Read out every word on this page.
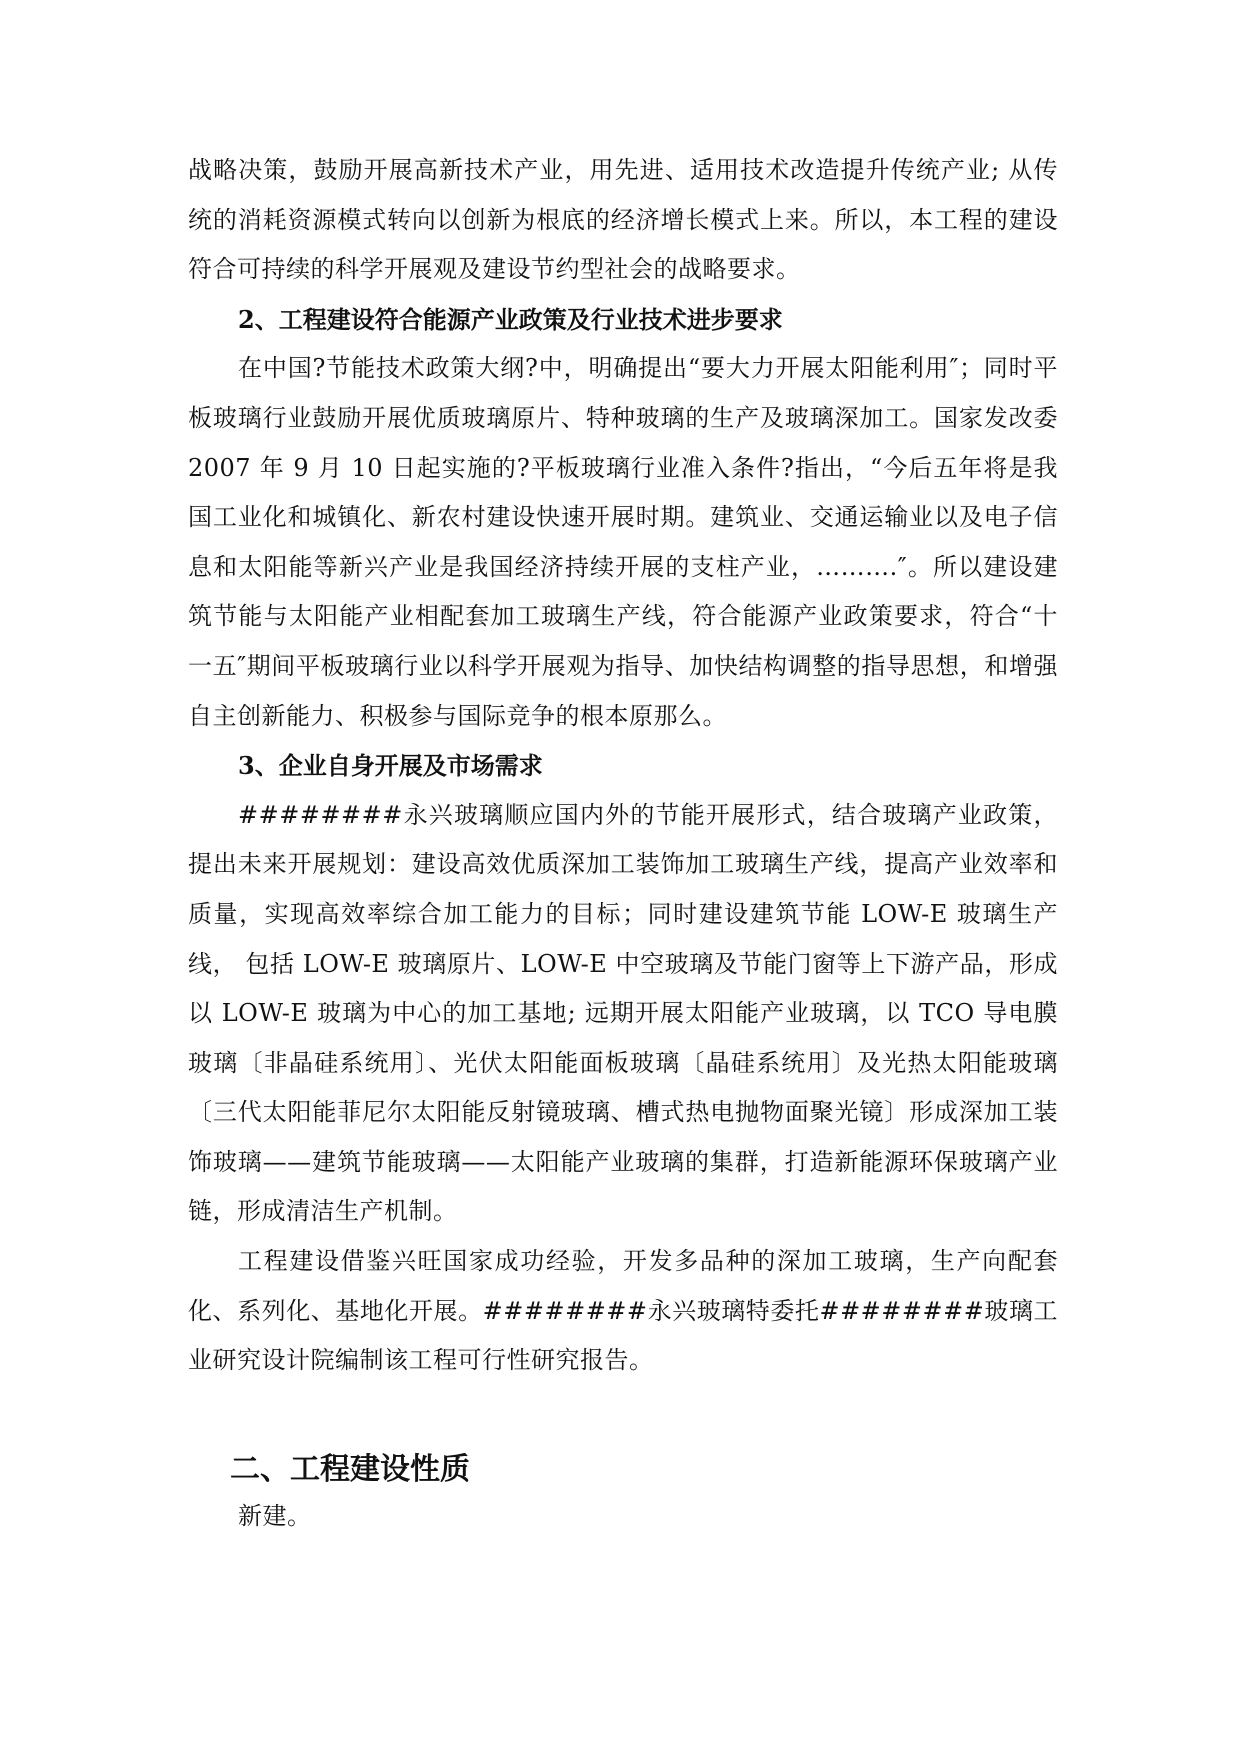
战略决策，鼓励开展高新技术产业，用先进、适用技术改造提升传统产业; 从传统的消耗资源模式转向以创新为根底的经济增长模式上来。所以，本工程的建设符合可持续的科学开展观及建设节约型社会的战略要求。

2、工程建设符合能源产业政策及行业技术进步要求

在中国?节能技术政策大纲?中，明确提出“要大力开展太阳能利用″；同时平板玻璃行业鼓励开展优质玻璃原片、特种玻璃的生产及玻璃深加工。国家发改委 2007 年 9 月 10 日起实施的?平板玻璃行业准入条件?指出，“今后五年将是我国工业化和城镇化、新农村建设快速开展时期。建筑业、交通运输业以及电子信息和太阳能等新兴产业是我国经济持续开展的支柱产业，……….″。所以建设建筑节能与太阳能产业相配套加工玻璃生产线，符合能源产业政策要求，符合“十一五″期间平板玻璃行业以科学开展观为指导、加快结构调整的指导思想，和增强自主创新能力、积极参与国际竞争的根本原那么。

3、企业自身开展及市场需求

########永兴玻璃顺应国内外的节能开展形式，结合玻璃产业政策，提出未来开展规划：建设高效优质深加工装饰加工玻璃生产线，提高产业效率和质量，实现高效率综合加工能力的目标；同时建设建筑节能 LOW-E 玻璃生产线， 包括 LOW-E 玻璃原片、LOW-E 中空玻璃及节能门窗等上下游产品，形成以 LOW-E 玻璃为中心的加工基地; 远期开展太阳能产业玻璃，以 TCO 导电膜玻璃〔非晶硅系统用〕、光伏太阳能面板玻璃〔晶硅系统用〕及光热太阳能玻璃〔三代太阳能菲尼尔太阳能反射镜玻璃、槽式热电抛物面聚光镜〕形成深加工装饰玻璃——建筑节能玻璃——太阳能产业玻璃的集群，打造新能源环保玻璃产业链，形成清洁生产机制。

工程建设借鉴兴旺国家成功经验，开发多品种的深加工玻璃，生产向配套化、系列化、基地化开展。########永兴玻璃特委托########玻璃工业研究设计院编制该工程可行性研究报告。

二、工程建设性质

新建。
